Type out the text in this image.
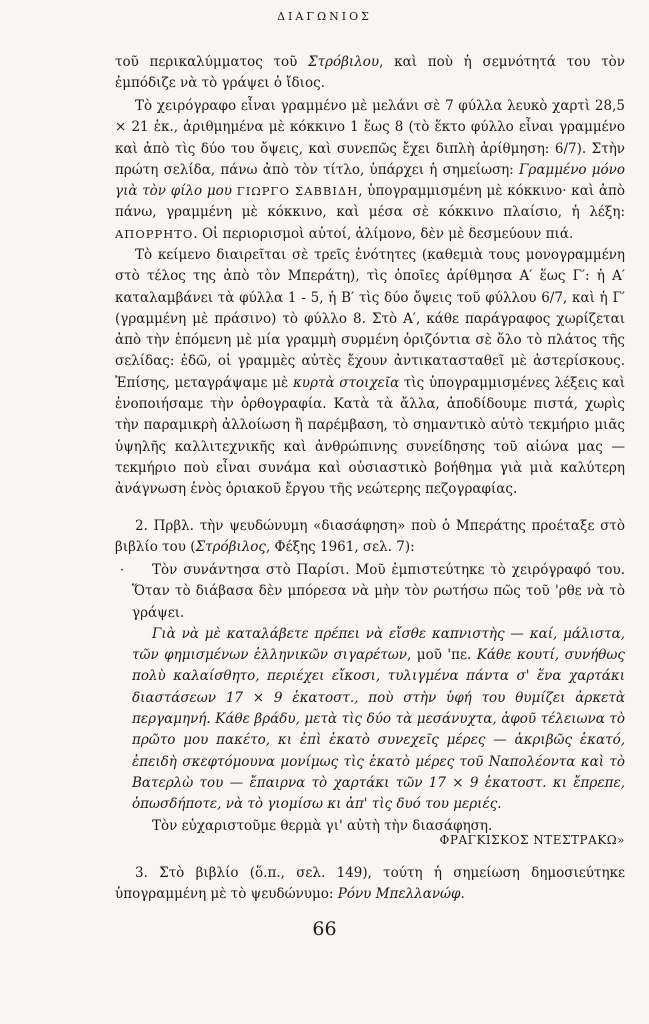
ΔΙΑΓΩΝΙΟΣ

τοῦ περικαλύμματος τοῦ Στρόβιλου, καὶ ποὺ ἡ σεμνότητά του τὸν ἐμπόδιζε νὰ τὸ γράψει ὁ ἴδιος.

Τὸ χειρόγραφο εἶναι γραμμένο μὲ μελάνι σὲ 7 φύλλα λευκὸ χαρτὶ 28,5 × 21 ἑκ., ἀριθμημένα μὲ κόκκινο 1 ἕως 8 (τὸ ἕκτο φύλλο εἶναι γραμμένο καὶ ἀπὸ τὶς δύο του ὄψεις, καὶ συνεπῶς ἔχει διπλὴ ἀρίθμηση: 6/7). Στὴν πρώτη σελίδα, πάνω ἀπὸ τὸν τίτλο, ὑπάρχει ἡ σημείωση: Γραμμένο μόνο γιὰ τὸν φίλο μου ΓΙΩΡΓΟ ΣΑΒΒΙΔΗ, ὑπογραμμισμένη μὲ κόκκινο· καὶ ἀπὸ πάνω, γραμμένη μὲ κόκκινο, καὶ μέσα σὲ κόκκινο πλαίσιο, ἡ λέξη: ΑΠΟΡΡΗΤΟ. Οἱ περιορισμοὶ αὐτοί, ἀλίμονο, δὲν μὲ δεσμεύουν πιά.

Τὸ κείμενο διαιρεῖται σὲ τρεῖς ἑνότητες (καθεμιὰ τους μονογραμμένη στὸ τέλος της ἀπὸ τὸν Μπεράτη), τὶς ὁποῖες ἀρίθμησα Α′ ἕως Γ′: ἡ Α′ καταλαμβάνει τὰ φύλλα 1 - 5, ἡ Β′ τὶς δύο ὄψεις τοῦ φύλλου 6/7, καὶ ἡ Γ′ (γραμμένη μὲ πράσινο) τὸ φύλλο 8. Στὸ Α′, κάθε παράγραφος χωρίζεται ἀπὸ τὴν ἑπόμενη μὲ μία γραμμὴ συρμένη ὁριζόντια σὲ ὅλο τὸ πλάτος τῆς σελίδας: ἐδῶ, οἱ γραμμὲς αὐτὲς ἔχουν ἀντικατασταθεῖ μὲ ἀστερίσκους. Ἐπίσης, μεταγράψαμε μὲ κυρτὰ στοιχεῖα τὶς ὑπογραμμισμένες λέξεις καὶ ἑνοποιήσαμε τὴν ὀρθογραφία. Κατὰ τὰ ἄλλα, ἀποδίδουμε πιστά, χωρὶς τὴν παραμικρὴ ἀλλοίωση ἢ παρέμβαση, τὸ σημαντικὸ αὐτὸ τεκμήριο μιᾶς ὑψηλῆς καλλιτεχνικῆς καὶ ἀνθρώπινης συνείδησης τοῦ αἰώνα μας — τεκμήριο ποὺ εἶναι συνάμα καὶ οὐσιαστικὸ βοήθημα γιὰ μιὰ καλύτερη ἀνάγνωση ἑνὸς ὁριακοῦ ἔργου τῆς νεώτερης πεζογραφίας.

2. Πρβλ. τὴν ψευδώνυμη «διασάφηση» ποὺ ὁ Μπεράτης προέταξε στὸ βιβλίο του (Στρόβιλος, Φέξης 1961, σελ. 7):

·	Τὸν συνάντησα στὸ Παρίσι. Μοῦ ἐμπιστεύτηκε τὸ χειρόγραφό του. Ὅταν τὸ διάβασα δὲν μπόρεσα νὰ μὴν τὸν ρωτήσω πῶς τοῦ 'ρθε νὰ τὸ γράψει.

Γιὰ νὰ μὲ καταλάβετε πρέπει νὰ εἴσθε καπνιστὴς — καί, μάλιστα, τῶν φημισμένων ἑλληνικῶν σιγαρέτων, μοῦ 'πε. Κάθε κουτί, συνήθως πολὺ καλαίσθητο, περιέχει εἴκοσι, τυλιγμένα πάντα σ' ἕνα χαρτάκι διαστάσεων 17 × 9 ἑκατοστ., ποὺ στὴν ὑφή του θυμίζει ἀρκετὰ περγαμηνή. Κάθε βράδυ, μετὰ τὶς δύο τὰ μεσάνυχτα, ἀφοῦ τέλειωνα τὸ πρῶτο μου πακέτο, κι ἐπὶ ἑκατὸ συνεχεῖς μέρες — ἀκριβῶς ἑκατό, ἐπειδὴ σκεφτόμουνα μονίμως τὶς ἑκατὸ μέρες τοῦ Ναπολέοντα καὶ τὸ Βατερλὼ του — ἔπαιρνα τὸ χαρτάκι τῶν 17 × 9 ἑκατοστ. κι ἔπρεπε, ὁπωσδήποτε, νὰ τὸ γιομίσω κι ἀπ' τὶς δυό του μεριές.

Τὸν εὐχαριστοῦμε θερμὰ γι' αὐτὴ τὴν διασάφηση.

ΦΡΑΓΚΙΣΚΟΣ ΝΤΕΣΤΡΑΚΩ»

3. Στὸ βιβλίο (ὅ.π., σελ. 149), τούτη ἡ σημείωση δημοσιεύτηκε ὑπογραμμένη μὲ τὸ ψευδώνυμο: Ρόνυ Μπελλανώφ.

66
